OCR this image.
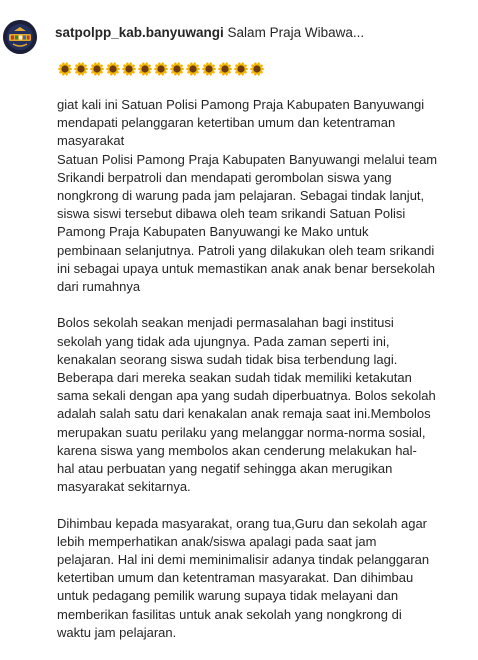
satpolpp_kab.banyuwangi Salam Praja Wibawa...
giat kali ini Satuan Polisi Pamong Praja Kabupaten Banyuwangi
mendapati pelanggaran ketertiban umum dan ketentraman
masyarakat
Satuan Polisi Pamong Praja Kabupaten Banyuwangi melalui team
Srikandi berpatroli dan mendapati gerombolan siswa yang
nongkrong di warung pada jam pelajaran. Sebagai tindak lanjut,
siswa siswi tersebut dibawa oleh team srikandi Satuan Polisi
Pamong Praja Kabupaten Banyuwangi ke Mako untuk
pembinaan selanjutnya. Patroli yang dilakukan oleh team srikandi
ini sebagai upaya untuk memastikan anak anak benar bersekolah
dari rumahnya
Bolos sekolah seakan menjadi permasalahan bagi institusi
sekolah yang tidak ada ujungnya. Pada zaman seperti ini,
kenakalan seorang siswa sudah tidak bisa terbendung lagi.
Beberapa dari mereka seakan sudah tidak memiliki ketakutan
sama sekali dengan apa yang sudah diperbuatnya. Bolos sekolah
adalah salah satu dari kenakalan anak remaja saat ini.Membolos
merupakan suatu perilaku yang melanggar norma-norma sosial,
karena siswa yang membolos akan cenderung melakukan hal-
hal atau perbuatan yang negatif sehingga akan merugikan
masyarakat sekitarnya.
Dihimbau kepada masyarakat, orang tua,Guru dan sekolah agar
lebih memperhatikan anak/siswa apalagi pada saat jam
pelajaran. Hal ini demi meminimalisir adanya tindak pelanggaran
ketertiban umum dan ketentraman masyarakat. Dan dihimbau
untuk pedagang pemilik warung supaya tidak melayani dan
memberikan fasilitas untuk anak sekolah yang nongkrong di
waktu jam pelajaran.
